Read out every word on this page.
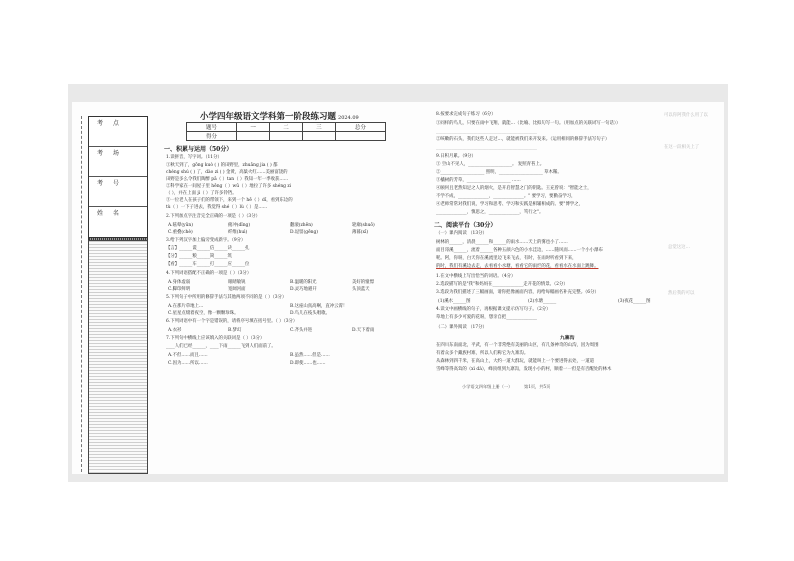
考 点
考 场
考 号
姓 名
小学四年级语文学科第一阶段练习题 2024.09
题号	一	二	三	总分
得分				
一、积累与运用（50分）
1.读拼音，写字词。（11分）
①秋天到了，gōng kuò ( ) 的田野里，zhuāng jia ( ) 都
chéng shú ( ) 了，dào zi ( ) 金黄，高粱火红……美丽富饶的
田野是多么令我们陶醉 pā（ ）tan（ ）我知一年一季收获……
②科学家在一间屋子里 hēng（ ）wū（ ）地拉了许多 shéng zi
（ ），并在上面 jì（ ）了许多铃铛。
③一位老人在孩子们的带领下，来到一个 hē（ ）dǐ，看到东边的
tù（ ）一下子进去，我觉得 shé（ ）lù（ ）是……
2.下列加点字注音完全正确的一项是（ ）（3分）
A.眩晕(yūn)	俯冲(dǐng)	翻滚(zhēn)	轮廓(shuō)
C.重叠(chè)	纤维(huì)	D.逗留(gēng)	薄暮(xī)
3.给下列汉字加上偏旁变成新字。（9分）
【言】______谎______信______诀______扎
【分】______粮______简______筑
【看】______车______打______应______位
4.下列词语搭配不正确的一项是（ ）（3分）
A.身体虚弱	眼睛敏锐	B.温暖的阳光	美好的憧憬
C.脚印鲜明	宽阔河面	D.灵巧地避开	头顶蓝天
5.下列句子中所用的修辞手法与其他两项不同的是（ ）（3分）
A.在那片草地上…	B.这座山真高啊，直冲云霄！
C.星星点缀着夜空，像一颗颗珍珠。	D.鸟儿在枝头唱歌。
6.下列词语中有一个字是错误的，请将序号填在括号里。（ ）（3分）
A.衣衫	B.梦幻	C.齐头并进	D.天下着雨
7.下列句中横线上应该填入的关联词是（ ）（3分）
____人们已经______，____下雨______飞到人们面前了。
A.不但……而且……	B.虽然……但是……
C.因为……所以……	D.即使……也……
8.按要求完成句子练习（6分）
①同样的鸟儿，只要在雨中飞翔，就能…（比喻、比拟句写一句。（用加点的关联词写一句话））
______________________________________________
②咳嗽的石头，我们这些人走过…，就能被我们来开发来。（运用相同的修辞手法写句子）
______________________________________________
9.日积月累。（9分）
① 空山不见人，____________________。 复照青苔上。
②____________________ 照明，____________________ 草木稀。
③橘树的芳草，____________________ ……
④颐何且老然知足之人的烟火，是开启智慧之门的钥匙。王充曾说："智能之士，
不学不成，______________，______________。" 要学习，要勤奋学习，
④老师常常对我们说，学习和思考、学习和实践是相辅相成的。要"博学之，
______________，慎思之，______________，笃行之"。
二、阅读平台（30分）
（一）课内阅读 （13分）
树林的______，清晨______和______的雨水……天上的雾也小了……
面目哥溪______，流着______各种五颜六色的小水洼边，……随风而……一个小小瀑布
呢。阿，你呀，白天你在溪流里边飞来飞去，有时，在雨时听看到下来，
的时，我们有溪边去走，去看看小水塘，看看它的雨烂的花，看看水在水面上跳舞。
1.在文中横线上写出恰当的词语。（4分）
2.选段描写的是"我"和妈妈在______________走开花的情景。（2分）
3.选段为我们描述了三幅画面，请你把像画面内容，再给每幅画名补充完整。（6分）
(1)溪水______图	(2)水塘______	(3)夜花______图
4.读文中画横线的句子，再根据课文提示仿写句子。（2分）
草地上有多少可爱的花呀，想亲自把______________
（二）课外阅读 （17分）
九寨沟
在四川东南面北，平武，有一个非常绝有美丽的山区，有几条神奇的山沟，因为周围
有着众多个藏族村寨，所以人们称它为九寨沟。
从森林到四千米，在高山上，大约一道大群玩，就能叫上一个要进得去处，一道道
雪峰等得高耸的（xì dà），峰顶组到九寨沟，发现小小的村，顺着一一但是有否醒处的林木
可以你阿我什么用了以
在这一段相关上了
总觉这这…
然后我的可以
小学语文四年级上册（一）	第1页，共5页
